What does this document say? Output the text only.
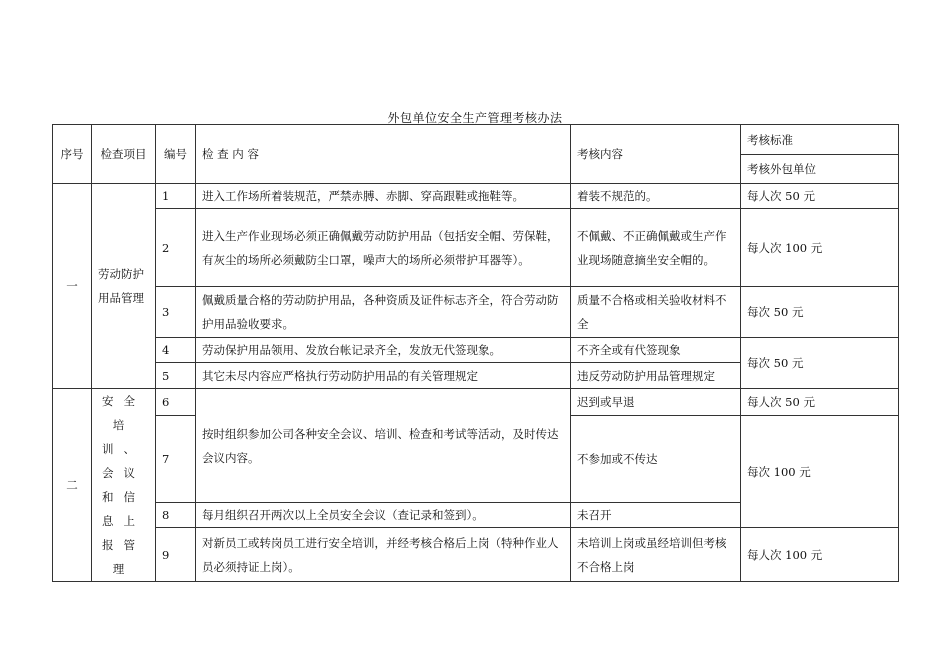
外包单位安全生产管理考核办法
序号	检查项目	编号	检 查 内 容	考核内容	考核标准
					考核外包单位
一	劳动防护用品管理	1	进入工作场所着装规范，严禁赤膊、赤脚、穿高跟鞋或拖鞋等。	着装不规范的。	每人次 50 元
		2	进入生产作业现场必须正确佩戴劳动防护用品（包括安全帽、劳保鞋，有灰尘的场所必须戴防尘口罩，噪声大的场所必须带护耳器等）。	不佩戴、不正确佩戴或生产作业现场随意摘坐安全帽的。	每人次 100 元
		3	佩戴质量合格的劳动防护用品，各种资质及证件标志齐全，符合劳动防护用品验收要求。	质量不合格或相关验收材料不全	每次 50 元
		4	劳动保护用品领用、发放台帐记录齐全，发放无代签现象。	不齐全或有代签现象	每次 50 元
		5	其它未尽内容应严格执行劳动防护用品的有关管理规定	违反劳动防护用品管理规定	
二	安全培训、会议和信息上报管理	6	按时组织参加公司各种安全会议、培训、检查和考试等活动，及时传达会议内容。	迟到或早退	每人次 50 元
		7		不参加或不传达	每次 100 元
		8	每月组织召开两次以上全员安全会议（查记录和签到）。	未召开	
		9	对新员工或转岗员工进行安全培训，并经考核合格后上岗（特种作业人员必须持证上岗）。	未培训上岗或虽经培训但考核不合格上岗	每人次 100 元
